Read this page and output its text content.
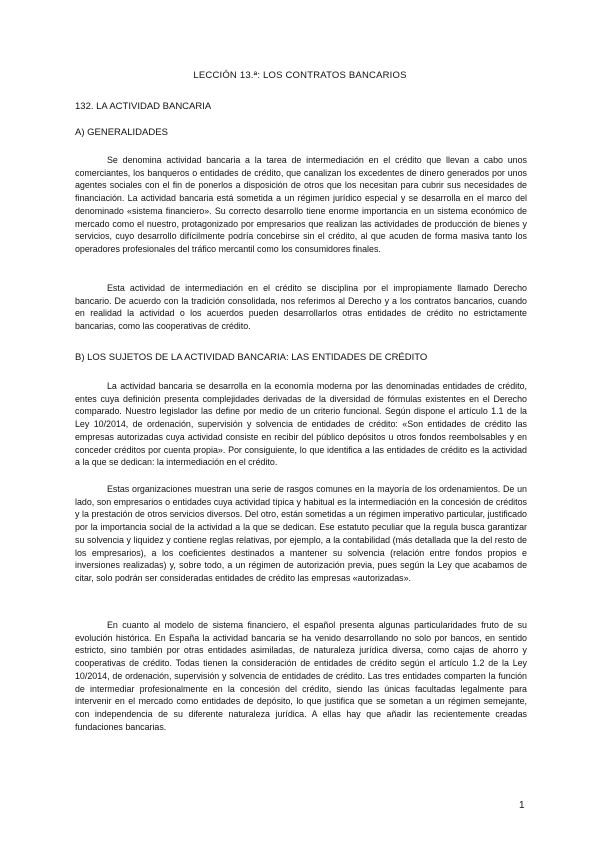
LECCIÓN 13.ª: LOS CONTRATOS BANCARIOS
132. LA ACTIVIDAD BANCARIA
A) GENERALIDADES

Se denomina actividad bancaria a la tarea de intermediación en el crédito que llevan a cabo unos comerciantes, los banqueros o entidades de crédito, que canalizan los excedentes de dinero generados por unos agentes sociales con el fin de ponerlos a disposición de otros que los necesitan para cubrir sus necesidades de financiación. La actividad bancaria está sometida a un régimen jurídico especial y se desarrolla en el marco del denominado «sistema financiero». Su correcto desarrollo tiene enorme importancia en un sistema económico de mercado como el nuestro, protagonizado por empresarios que realizan las actividades de producción de bienes y servicios, cuyo desarrollo difícilmente podría concebirse sin el crédito, al que acuden de forma masiva tanto los operadores profesionales del tráfico mercantil como los consumidores finales.

Esta actividad de intermediación en el crédito se disciplina por el impropiamente llamado Derecho bancario. De acuerdo con la tradición consolidada, nos referimos al Derecho y a los contratos bancarios, cuando en realidad la actividad o los acuerdos pueden desarrollarlos otras entidades de crédito no estrictamente bancarias, como las cooperativas de crédito.

B) LOS SUJETOS DE LA ACTIVIDAD BANCARIA: LAS ENTIDADES DE CRÉDITO

La actividad bancaria se desarrolla en la economía moderna por las denominadas entidades de crédito, entes cuya definición presenta complejidades derivadas de la diversidad de fórmulas existentes en el Derecho comparado. Nuestro legislador las define por medio de un criterio funcional. Según dispone el artículo 1.1 de la Ley 10/2014, de ordenación, supervisión y solvencia de entidades de crédito: «Son entidades de crédito las empresas autorizadas cuya actividad consiste en recibir del público depósitos u otros fondos reembolsables y en conceder créditos por cuenta propia». Por consiguiente, lo que identifica a las entidades de crédito es la actividad a la que se dedican: la intermediación en el crédito.

Estas organizaciones muestran una serie de rasgos comunes en la mayoría de los ordenamientos. De un lado, son empresarios o entidades cuya actividad típica y habitual es la intermediación en la concesión de créditos y la prestación de otros servicios diversos. Del otro, están sometidas a un régimen imperativo particular, justificado por la importancia social de la actividad a la que se dedican. Ese estatuto peculiar que la regula busca garantizar su solvencia y liquidez y contiene reglas relativas, por ejemplo, a la contabilidad (más detallada que la del resto de los empresarios), a los coeficientes destinados a mantener su solvencia (relación entre fondos propios e inversiones realizadas) y, sobre todo, a un régimen de autorización previa, pues según la Ley que acabamos de citar, solo podrán ser consideradas entidades de crédito las empresas «autorizadas».

En cuanto al modelo de sistema financiero, el español presenta algunas particularidades fruto de su evolución histórica. En España la actividad bancaria se ha venido desarrollando no solo por bancos, en sentido estricto, sino también por otras entidades asimiladas, de naturaleza jurídica diversa, como cajas de ahorro y cooperativas de crédito. Todas tienen la consideración de entidades de crédito según el artículo 1.2 de la Ley 10/2014, de ordenación, supervisión y solvencia de entidades de crédito. Las tres entidades comparten la función de intermediar profesionalmente en la concesión del crédito, siendo las únicas facultadas legalmente para intervenir en el mercado como entidades de depósito, lo que justifica que se sometan a un régimen semejante, con independencia de su diferente naturaleza jurídica. A ellas hay que añadir las recientemente creadas fundaciones bancarias.

1
